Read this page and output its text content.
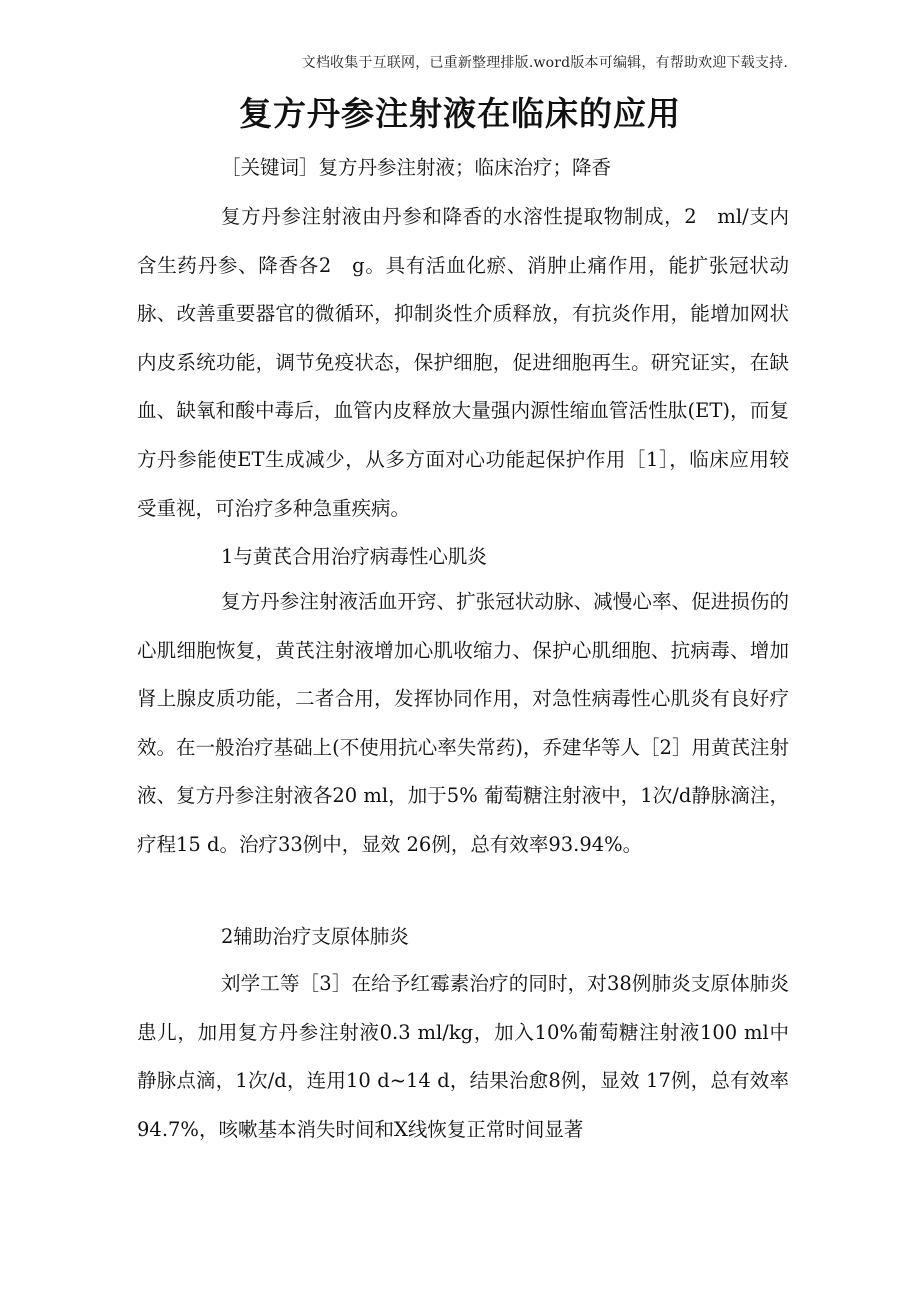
文档收集于互联网，已重新整理排版.word版本可编辑，有帮助欢迎下载支持.
复方丹参注射液在临床的应用
［关键词］复方丹参注射液；临床治疗；降香

复方丹参注射液由丹参和降香的水溶性提取物制成，2　ml/支内含生药丹参、降香各2　g。具有活血化瘀、消肿止痛作用，能扩张冠状动脉、改善重要器官的微循环，抑制炎性介质释放，有抗炎作用，能增加网状内皮系统功能，调节免疫状态，保护细胞，促进细胞再生。研究证实，在缺血、缺氧和酸中毒后，血管内皮释放大量强内源性缩血管活性肽(ET)，而复方丹参能使ET生成减少，从多方面对心功能起保护作用［1］，临床应用较受重视，可治疗多种急重疾病。

1与黄芪合用治疗病毒性心肌炎

复方丹参注射液活血开窍、扩张冠状动脉、减慢心率、促进损伤的心肌细胞恢复，黄芪注射液增加心肌收缩力、保护心肌细胞、抗病毒、增加肾上腺皮质功能，二者合用，发挥协同作用，对急性病毒性心肌炎有良好疗效。在一般治疗基础上(不使用抗心率失常药)，乔建华等人［2］用黄芪注射液、复方丹参注射液各20 ml，加于5% 葡萄糖注射液中，1次/d静脉滴注，疗程15 d。治疗33例中，显效 26例，总有效率93.94%。

2辅助治疗支原体肺炎

刘学工等［3］在给予红霉素治疗的同时，对38例肺炎支原体肺炎患儿，加用复方丹参注射液0.3 ml/kg，加入10%葡萄糖注射液100 ml中静脉点滴，1次/d，连用10 d~14 d，结果治愈8例，显效 17例，总有效率94.7%，咳嗽基本消失时间和X线恢复正常时间显著
